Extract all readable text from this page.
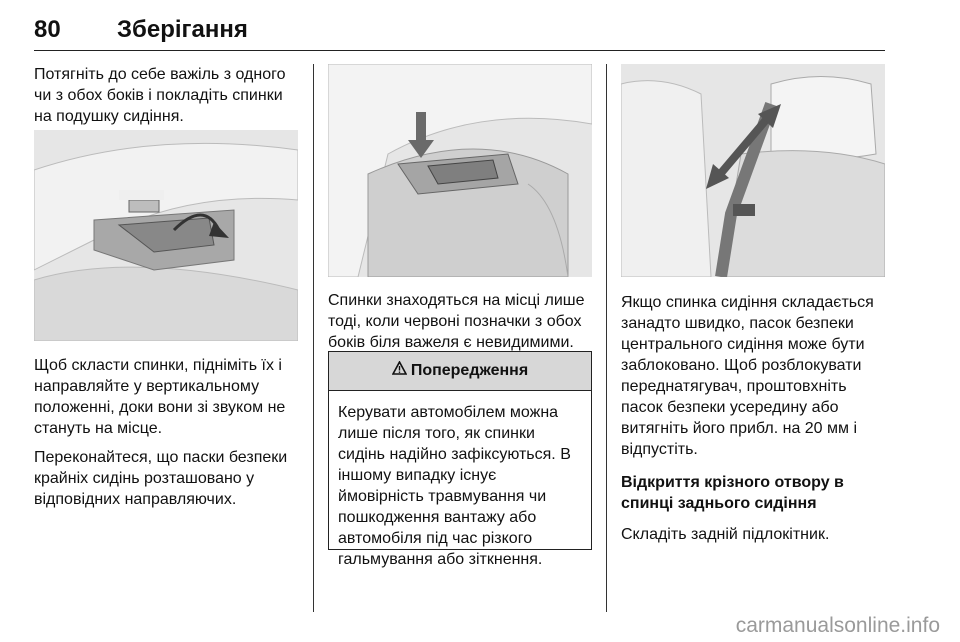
80 Зберігання

Потягніть до себе важіль з одного чи з обох боків і покладіть спинки на подушку сидіння.

Щоб скласти спинки, підніміть їх і направляйте у вертикальному положенні, доки вони зі звуком не стануть на місце.

Переконайтеся, що паски безпеки крайніх сидінь розташовано у відповідних направляючих.

Спинки знаходяться на місці лише тоді, коли червоні позначки з обох боків біля важеля є невидимими.

Попередження

Керувати автомобілем можна лише після того, як спинки сидінь надійно зафіксуються. В іншому випадку існує ймовірність травмування чи пошкодження вантажу або автомобіля під час різкого гальмування або зіткнення.

Якщо спинка сидіння складається занадто швидко, пасок безпеки центрального сидіння може бути заблоковано. Щоб розблокувати переднатягувач, проштовхніть пасок безпеки усередину або витягніть його прибл. на 20 мм і відпустіть.

Відкриття крізного отвору в спинці заднього сидіння

Складіть задній підлокітник.

carmanualsonline.info
